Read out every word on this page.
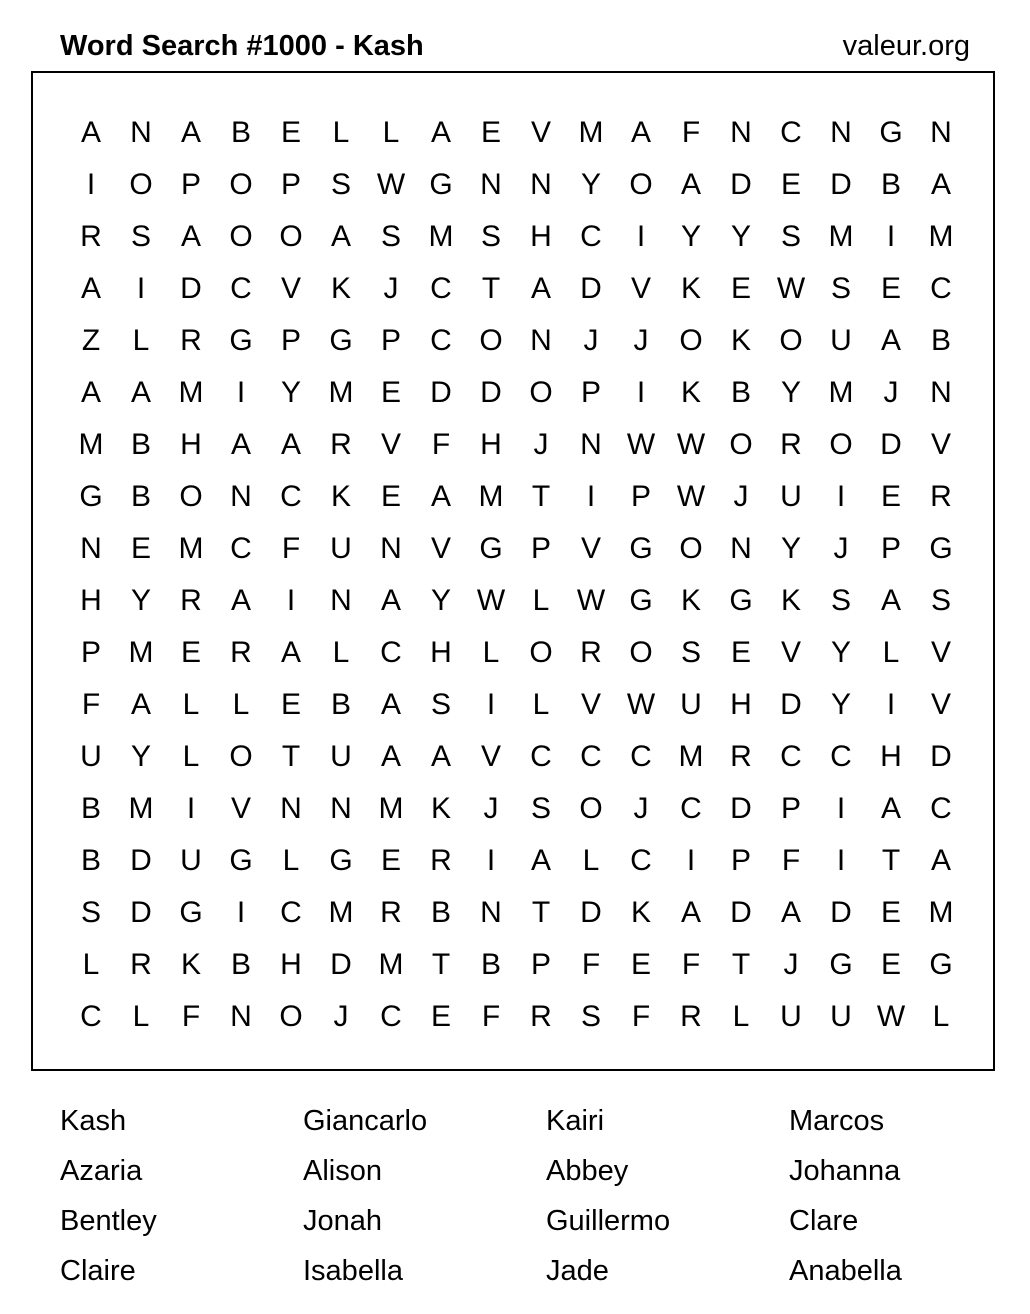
Word Search #1000 - Kash	valeur.org
A N A B E	L	L	A E V M A	F	N C N G N
I	O P O P S W G N N Y O A D E D B A
R S A O O A S M S H C	I	Y Y S M	I	M
A	I	D C V K	J	C	T	A D V K E W S E C
Z	L	R G P G P C O N	J	J	O K O U A B
A A M	I	Y M E D D O P	I	K B Y M	J	N
M B H A A R V	F	H	J	N W W O R O D V
G B O N C K E A M T	I	P W J	U	I	E R
N E M C	F	U N V G P V G O N Y	J	P G
H Y R A	I	N A Y W L W G K G K S A S
P M E R A	L	C H	L O R O S E V Y	L	V
F	A	L	L	E B A S	I	L	V W U H D Y	I	V
U Y	L O T	U A A V C C C M R C C H D
B M	I	V N N M K	J	S O	J	C D P	I	A C
B D U G L G E R	I	A	L	C	I	P	F	I	T	A
S D G	I	C M R B N	T	D K A D A D E M
L	R K B H D M T	B P	F	E	F	T	J	G E G
C	L	F	N O	J	C E	F	R S	F	R	L	U U W L
Kash	Giancarlo	Kairi	Marcos
Azaria	Alison	Abbey	Johanna
Bentley	Jonah	Guillermo	Clare
Claire	Isabella	Jade	Anabella
